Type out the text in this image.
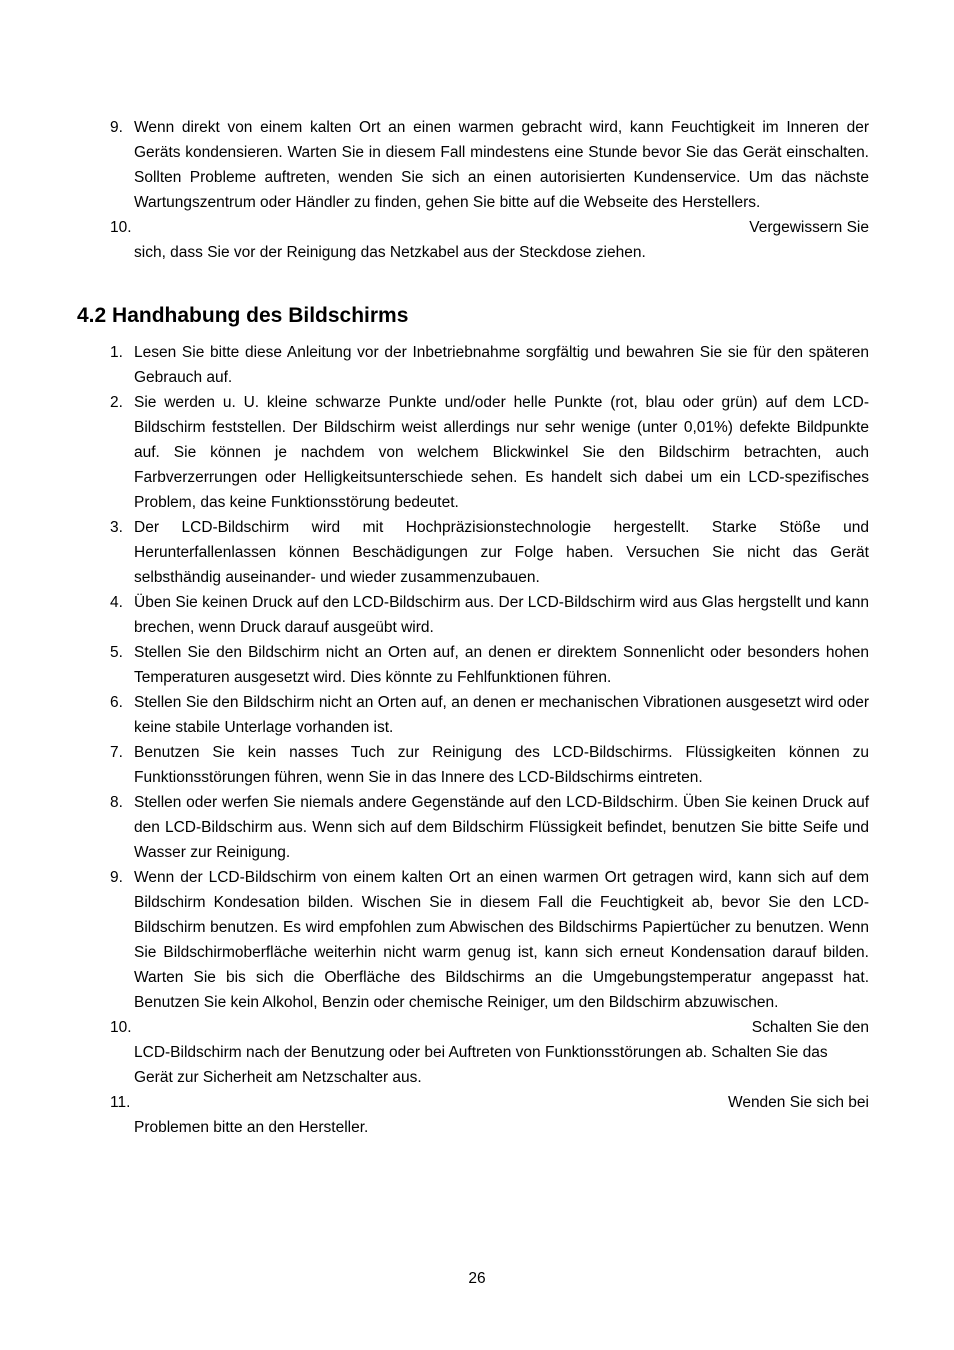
9. Wenn direkt von einem kalten Ort an einen warmen gebracht wird, kann Feuchtigkeit im Inneren der Geräts kondensieren. Warten Sie in diesem Fall mindestens eine Stunde bevor Sie das Gerät einschalten. Sollten Probleme auftreten, wenden Sie sich an einen autorisierten Kundenservice. Um das nächste Wartungszentrum oder Händler zu finden, gehen Sie bitte auf die Webseite des Herstellers.
10.	Vergewissern Sie
sich, dass Sie vor der Reinigung das Netzkabel aus der Steckdose ziehen.
4.2 Handhabung des Bildschirms
1. Lesen Sie bitte diese Anleitung vor der Inbetriebnahme sorgfältig und bewahren Sie sie für den späteren Gebrauch auf.
2. Sie werden u. U. kleine schwarze Punkte und/oder helle Punkte (rot, blau oder grün) auf dem LCD-Bildschirm feststellen. Der Bildschirm weist allerdings nur sehr wenige (unter 0,01%) defekte Bildpunkte auf. Sie können je nachdem von welchem Blickwinkel Sie den Bildschirm betrachten, auch Farbverzerrungen oder Helligkeitsunterschiede sehen. Es handelt sich dabei um ein LCD-spezifisches Problem, das keine Funktionsstörung bedeutet.
3. Der LCD-Bildschirm wird mit Hochpräzisionstechnologie hergestellt. Starke Stöße und Herunterfallenlassen können Beschädigungen zur Folge haben. Versuchen Sie nicht das Gerät selbsthändig auseinander- und wieder zusammenzubauen.
4. Üben Sie keinen Druck auf den LCD-Bildschirm aus. Der LCD-Bildschirm wird aus Glas hergstellt und kann brechen, wenn Druck darauf ausgeübt wird.
5. Stellen Sie den Bildschirm nicht an Orten auf, an denen er direktem Sonnenlicht oder besonders hohen Temperaturen ausgesetzt wird. Dies könnte zu Fehlfunktionen führen.
6. Stellen Sie den Bildschirm nicht an Orten auf, an denen er mechanischen Vibrationen ausgesetzt wird oder keine stabile Unterlage vorhanden ist.
7. Benutzen Sie kein nasses Tuch zur Reinigung des LCD-Bildschirms. Flüssigkeiten können zu Funktionsstörungen führen, wenn Sie in das Innere des LCD-Bildschirms eintreten.
8. Stellen oder werfen Sie niemals andere Gegenstände auf den LCD-Bildschirm. Üben Sie keinen Druck auf den LCD-Bildschirm aus. Wenn sich auf dem Bildschirm Flüssigkeit befindet, benutzen Sie bitte Seife und Wasser zur Reinigung.
9. Wenn der LCD-Bildschirm von einem kalten Ort an einen warmen Ort getragen wird, kann sich auf dem Bildschirm Kondesation bilden. Wischen Sie in diesem Fall die Feuchtigkeit ab, bevor Sie den LCD-Bildschirm benutzen. Es wird empfohlen zum Abwischen des Bildschirms Papiertücher zu benutzen. Wenn Sie Bildschirmoberfläche weiterhin nicht warm genug ist, kann sich erneut Kondensation darauf bilden. Warten Sie bis sich die Oberfläche des Bildschirms an die Umgebungstemperatur angepasst hat. Benutzen Sie kein Alkohol, Benzin oder chemische Reiniger, um den Bildschirm abzuwischen.
10.	Schalten Sie den
LCD-Bildschirm nach der Benutzung oder bei Auftreten von Funktionsstörungen ab. Schalten Sie das Gerät zur Sicherheit am Netzschalter aus.
11.	Wenden Sie sich bei
Problemen bitte an den Hersteller.
26
